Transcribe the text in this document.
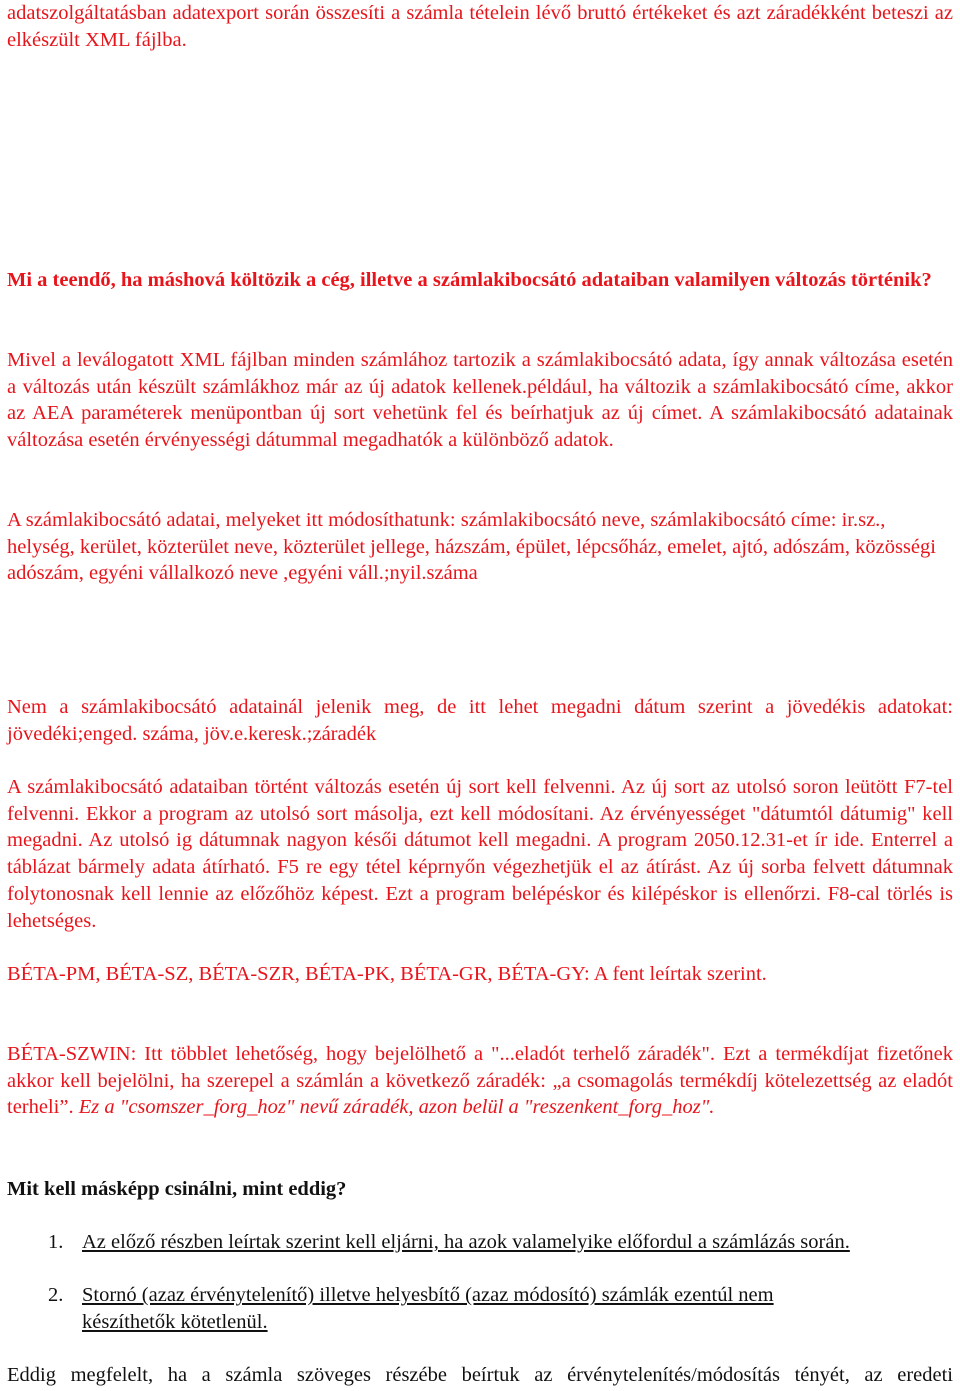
adatszolgáltatásban adatexport során összesíti a számla tételein lévő bruttó értékeket és azt záradékként beteszi az elkészült XML fájlba.
Mi a teendő, ha máshová költözik a cég, illetve a számlakibocsátó adataiban valamilyen változás történik?

Mivel a leválogatott XML fájlban minden számlához tartozik a számlakibocsátó adata, így annak változása esetén a változás után készült számlákhoz már az új adatok kellenek.például, ha változik a számlakibocsátó címe, akkor az AEA paraméterek menüpontban új sort vehetünk fel és beírhatjuk az új címet. A számlakibocsátó adatainak változása esetén érvényességi dátummal megadhatók a különböző adatok.

A számlakibocsátó adatai, melyeket itt módosíthatunk: számlakibocsátó neve, számlakibocsátó címe: ir.sz., helység, kerület, közterület neve, közterület jellege, házszám, épület, lépcsőház, emelet, ajtó, adószám, közösségi adószám, egyéni vállalkozó neve ,egyéni váll.;nyil.száma

Nem a számlakibocsátó adatainál jelenik meg, de itt lehet megadni dátum szerint a jövedékis adatokat: jövedéki;enged. száma, jöv.e.keresk.;záradék

A számlakibocsátó adataiban történt változás esetén új sort kell felvenni. Az új sort az utolsó soron leütött F7-tel felvenni. Ekkor a program az utolsó sort másolja, ezt kell módosítani. Az érvényességet "dátumtól dátumig" kell megadni. Az utolsó ig dátumnak nagyon késői dátumot kell megadni. A program 2050.12.31-et ír ide. Enterrel a táblázat bármely adata átírható. F5 re egy tétel képrnyőn végezhetjük el az átírást. Az új sorba felvett dátumnak folytonosnak kell lennie az előzőhöz képest. Ezt a program belépéskor és kilépéskor is ellenőrzi. F8-cal törlés is lehetséges.

BÉTA-PM, BÉTA-SZ, BÉTA-SZR, BÉTA-PK, BÉTA-GR, BÉTA-GY: A fent leírtak szerint.

BÉTA-SZWIN: Itt többlet lehetőség, hogy bejelölhető a "...eladót terhelő záradék". Ezt a termékdíjat fizetőnek akkor kell bejelölni, ha szerepel a számlán a következő záradék: „a csomagolás termékdíj kötelezettség az eladót terheli”. Ez a "csomszer_forg_hoz" nevű záradék, azon belül a "reszenkent_forg_hoz".

Mit kell másképp csinálni, mint eddig?

1. Az előző részben leírtak szerint kell eljárni, ha azok valamelyike előfordul a számlázás során.
2. Stornó (azaz érvénytelenítő) illetve helyesbítő (azaz módosító) számlák ezentúl nem készíthetők kötetlenül.

Eddig megfelelt, ha a számla szöveges részébe beírtuk az érvénytelenítés/módosítás tényét, az eredeti
